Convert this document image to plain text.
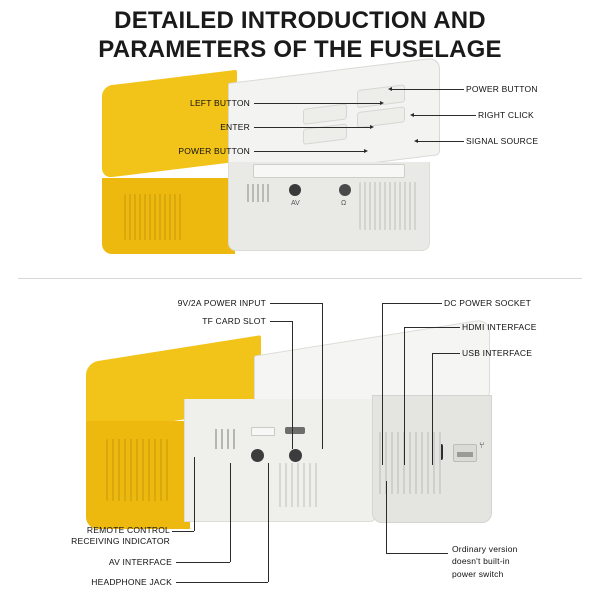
DETAILED INTRODUCTION AND
PARAMETERS OF THE FUSELAGE
AV	Ω
LEFT BUTTON
ENTER
POWER BUTTON
POWER BUTTON
RIGHT CLICK
SIGNAL SOURCE
⑂
9V/2A POWER INPUT
TF CARD SLOT
DC POWER SOCKET
HDMI INTERFACE
USB INTERFACE
REMOTE CONTROL
RECEIVING INDICATOR
AV INTERFACE
HEADPHONE JACK
Ordinary version
doesn't built-in
power switch
